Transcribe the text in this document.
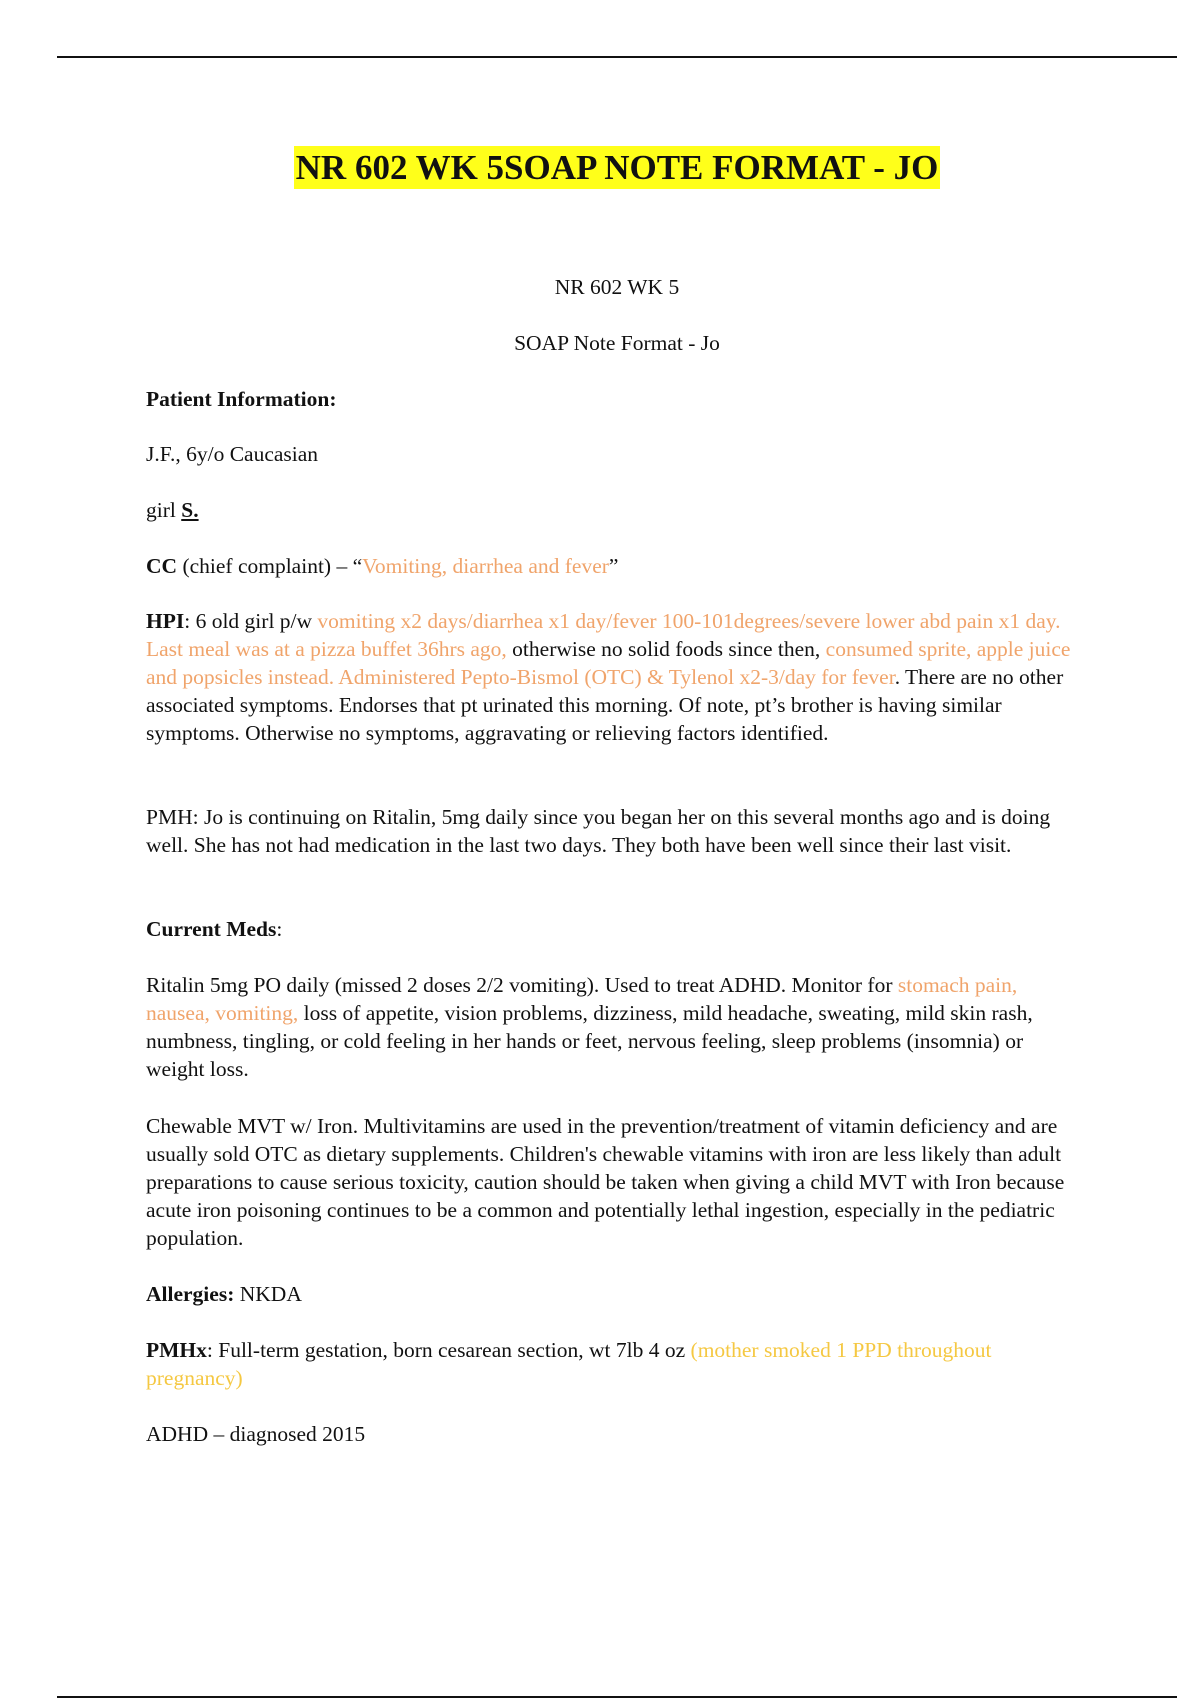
NR 602 WK 5SOAP NOTE FORMAT - JO

NR 602 WK 5

SOAP Note Format - Jo

Patient Information:

J.F., 6y/o Caucasian

girl S.

CC (chief complaint) – “Vomiting, diarrhea and fever”

HPI: 6 old girl p/w vomiting x2 days/diarrhea x1 day/fever 100-101degrees/severe lower abd pain x1 day. Last meal was at a pizza buffet 36hrs ago, otherwise no solid foods since then, consumed sprite, apple juice and popsicles instead. Administered Pepto-Bismol (OTC) & Tylenol x2-3/day for fever. There are no other associated symptoms. Endorses that pt urinated this morning. Of note, pt’s brother is having similar symptoms. Otherwise no symptoms, aggravating or relieving factors identified.

PMH: Jo is continuing on Ritalin, 5mg daily since you began her on this several months ago and is doing well. She has not had medication in the last two days. They both have been well since their last visit.

Current Meds:

Ritalin 5mg PO daily (missed 2 doses 2/2 vomiting). Used to treat ADHD. Monitor for stomach pain, nausea, vomiting, loss of appetite, vision problems, dizziness, mild headache, sweating, mild skin rash, numbness, tingling, or cold feeling in her hands or feet, nervous feeling, sleep problems (insomnia) or weight loss.

Chewable MVT w/ Iron. Multivitamins are used in the prevention/treatment of vitamin deficiency and are usually sold OTC as dietary supplements. Children's chewable vitamins with iron are less likely than adult preparations to cause serious toxicity, caution should be taken when giving a child MVT with Iron because acute iron poisoning continues to be a common and potentially lethal ingestion, especially in the pediatric population.

Allergies: NKDA

PMHx: Full-term gestation, born cesarean section, wt 7lb 4 oz (mother smoked 1 PPD throughout pregnancy)

ADHD – diagnosed 2015
